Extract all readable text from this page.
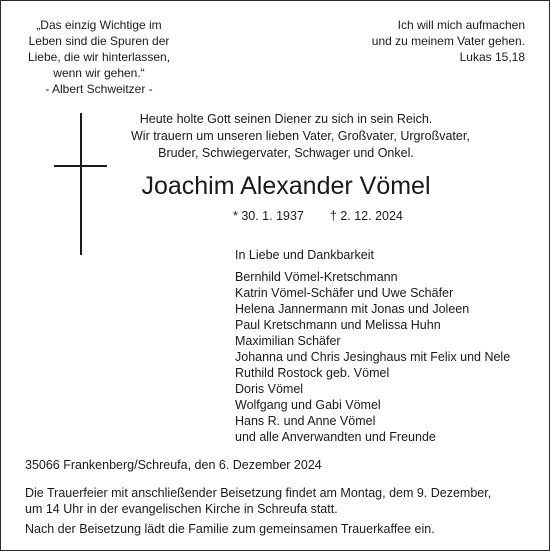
„Das einzig Wichtige im
Leben sind die Spuren der
Liebe, die wir hinterlassen,
wenn wir gehen.“
- Albert Schweitzer -
Ich will mich aufmachen
und zu meinem Vater gehen.
Lukas 15,18
Heute holte Gott seinen Diener zu sich in sein Reich.
Wir trauern um unseren lieben Vater, Großvater, Urgroßvater,
Bruder, Schwiegervater, Schwager und Onkel.
Joachim Alexander Vömel
* 30. 1. 1937 † 2. 12. 2024
In Liebe und Dankbarkeit
Bernhild Vömel-Kretschmann
Katrin Vömel-Schäfer und Uwe Schäfer
Helena Jannermann mit Jonas und Joleen
Paul Kretschmann und Melissa Huhn
Maximilian Schäfer
Johanna und Chris Jesinghaus mit Felix und Nele
Ruthild Rostock geb. Vömel
Doris Vömel
Wolfgang und Gabi Vömel
Hans R. und Anne Vömel
und alle Anverwandten und Freunde
35066 Frankenberg/Schreufa, den 6. Dezember 2024
Die Trauerfeier mit anschließender Beisetzung findet am Montag, dem 9. Dezember,
um 14 Uhr in der evangelischen Kirche in Schreufa statt.
Nach der Beisetzung lädt die Familie zum gemeinsamen Trauerkaffee ein.
